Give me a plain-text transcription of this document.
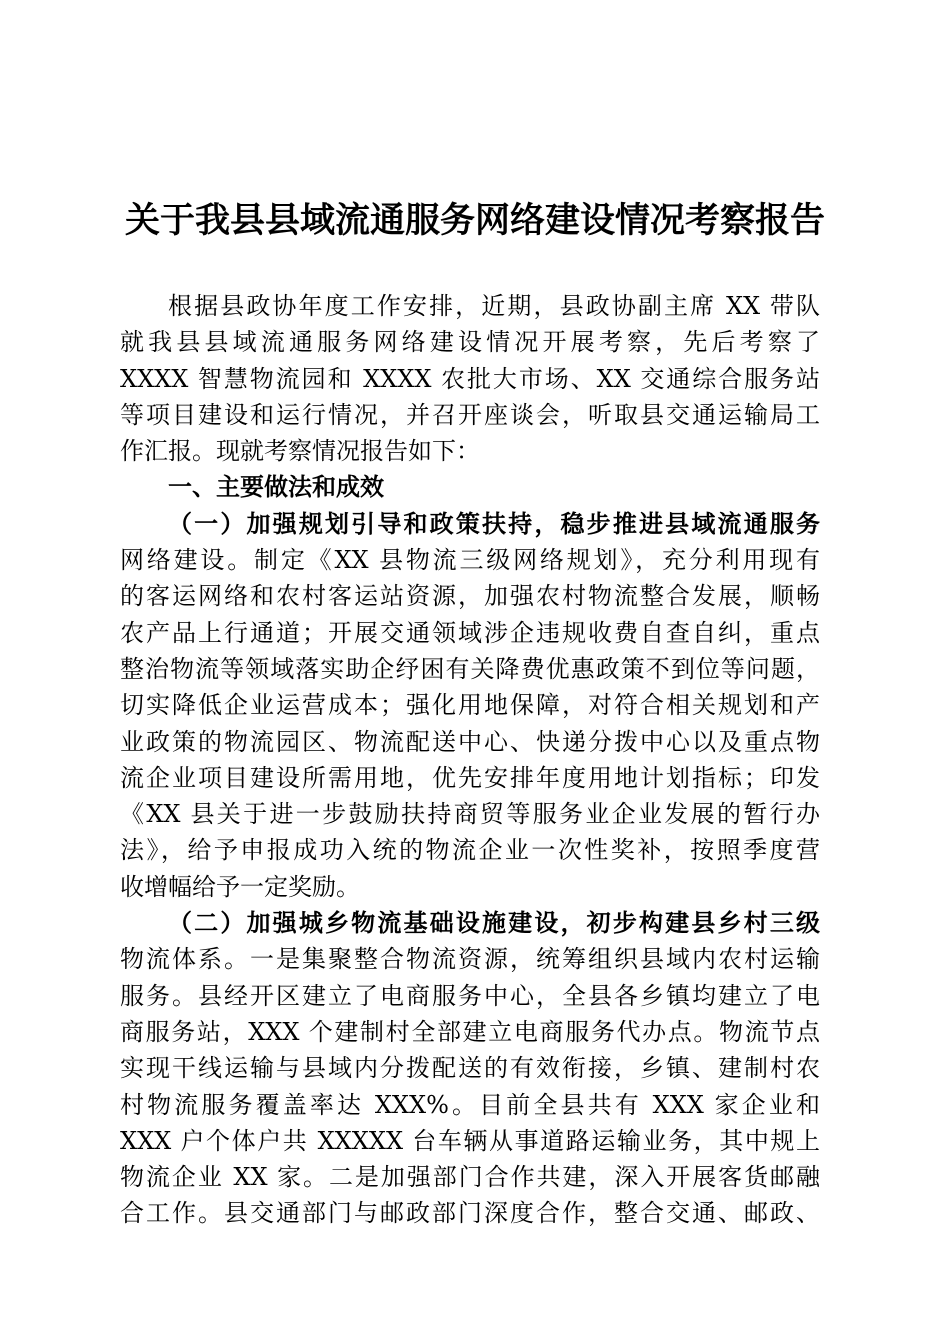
关于我县县域流通服务网络建设情况考察报告
根据县政协年度工作安排，近期，县政协副主席 XX 带队
就我县县域流通服务网络建设情况开展考察，先后考察了
XXXX 智慧物流园和 XXXX 农批大市场、XX 交通综合服务站
等项目建设和运行情况，并召开座谈会，听取县交通运输局工
作汇报。现就考察情况报告如下：
一、主要做法和成效
（一）加强规划引导和政策扶持，稳步推进县域流通服务
网络建设。制定《XX 县物流三级网络规划》，充分利用现有
的客运网络和农村客运站资源，加强农村物流整合发展，顺畅
农产品上行通道；开展交通领域涉企违规收费自查自纠，重点
整治物流等领域落实助企纾困有关降费优惠政策不到位等问题，
切实降低企业运营成本；强化用地保障，对符合相关规划和产
业政策的物流园区、物流配送中心、快递分拨中心以及重点物
流企业项目建设所需用地，优先安排年度用地计划指标；印发
《XX 县关于进一步鼓励扶持商贸等服务业企业发展的暂行办
法》，给予申报成功入统的物流企业一次性奖补，按照季度营
收增幅给予一定奖励。
（二）加强城乡物流基础设施建设，初步构建县乡村三级
物流体系。一是集聚整合物流资源，统筹组织县域内农村运输
服务。县经开区建立了电商服务中心，全县各乡镇均建立了电
商服务站，XXX 个建制村全部建立电商服务代办点。物流节点
实现干线运输与县域内分拨配送的有效衔接，乡镇、建制村农
村物流服务覆盖率达 XXX%。目前全县共有 XXX 家企业和
XXX 户个体户共 XXXXX 台车辆从事道路运输业务，其中规上
物流企业 XX 家。二是加强部门合作共建，深入开展客货邮融
合工作。县交通部门与邮政部门深度合作，整合交通、邮政、
